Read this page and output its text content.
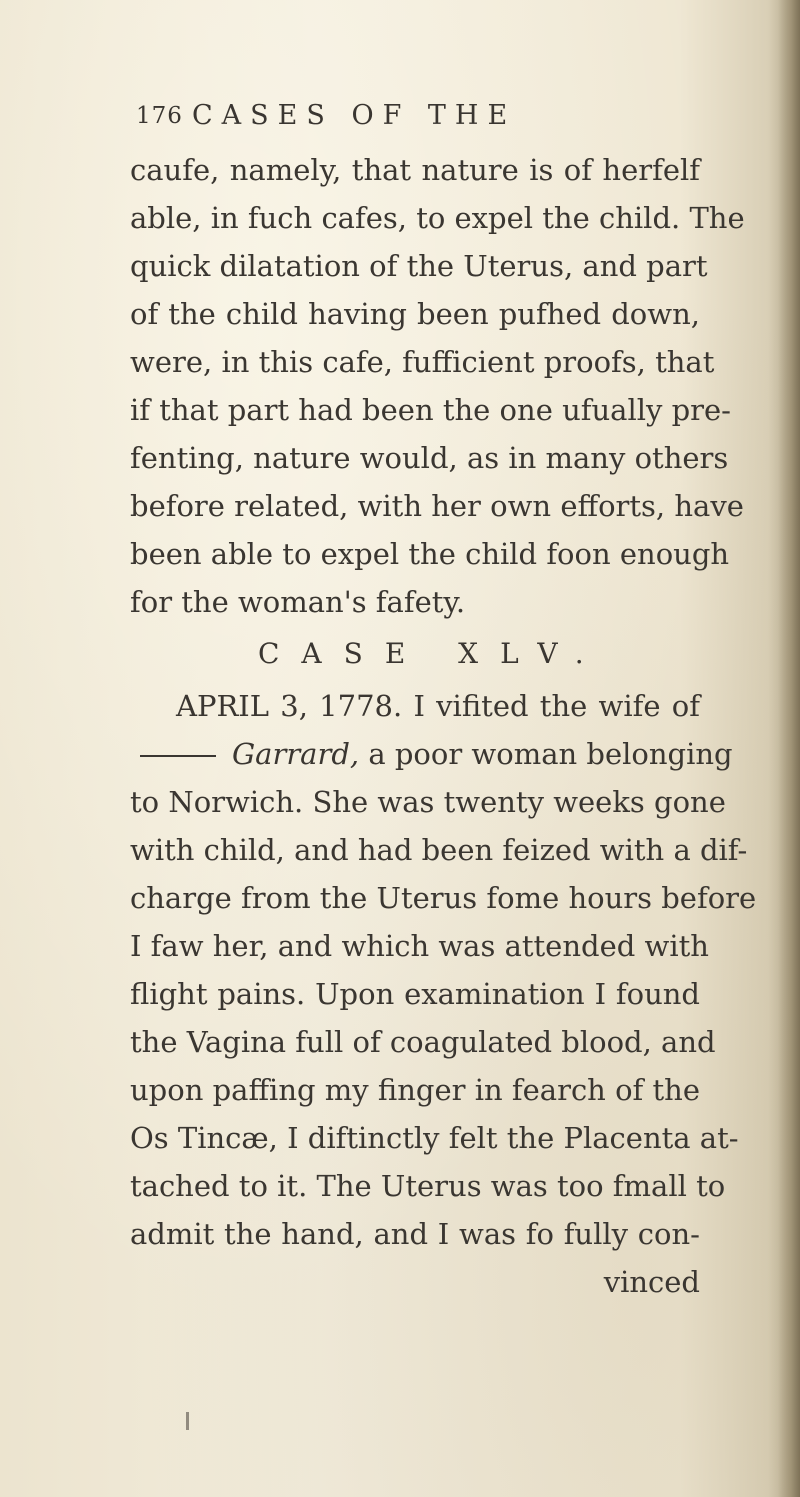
176 CASES OF THE
caufe, namely, that nature is of herfelf
able, in fuch cafes, to expel the child. The
quick dilatation of the Uterus, and part
of the child having been pufhed down,
were, in this cafe, fufficient proofs, that
if that part had been the one ufually pre-
fenting, nature would, as in many others
before related, with her own efforts, have
been able to expel the child foon enough
for the woman's fafety.
CASE XLV.
APRIL 3, 1778. I vifited the wife of
Garrard, a poor woman belonging
to Norwich. She was twenty weeks gone
with child, and had been feized with a dif-
charge from the Uterus fome hours before
I faw her, and which was attended with
flight pains. Upon examination I found
the Vagina full of coagulated blood, and
upon paffing my finger in fearch of the
Os Tincæ, I diftinctly felt the Placenta at-
tached to it. The Uterus was too fmall to
admit the hand, and I was fo fully con-
vinced
